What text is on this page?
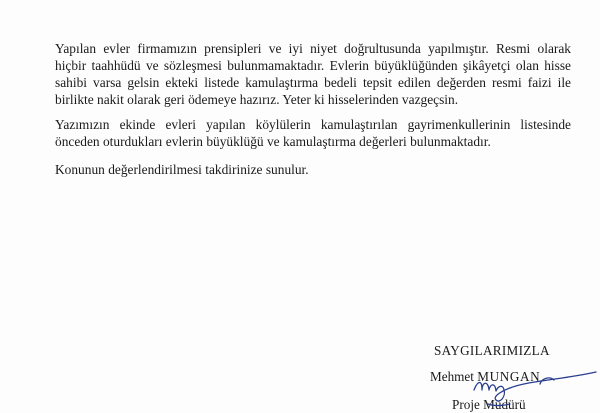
Yapılan evler firmamızın prensipleri ve iyi niyet doğrultusunda yapılmıştır. Resmi olarak
hiçbir taahhüdü ve sözleşmesi bulunmamaktadır. Evlerin büyüklüğünden şikâyetçi olan hisse
sahibi varsa gelsin ekteki listede kamulaştırma bedeli tepsit edilen değerden resmi faizi ile
birlikte nakit olarak geri ödemeye hazırız. Yeter ki hisselerinden vazgeçsin.

Yazımızın ekinde evleri yapılan köylülerin kamulaştırılan gayrimenkullerinin listesinde
önceden oturdukları evlerin büyüklüğü ve kamulaştırma değerleri bulunmaktadır.

Konunun değerlendirilmesi takdirinize sunulur.

SAYGILARIMIZLA

Mehmet MUNGAN

Proje Müdürü
